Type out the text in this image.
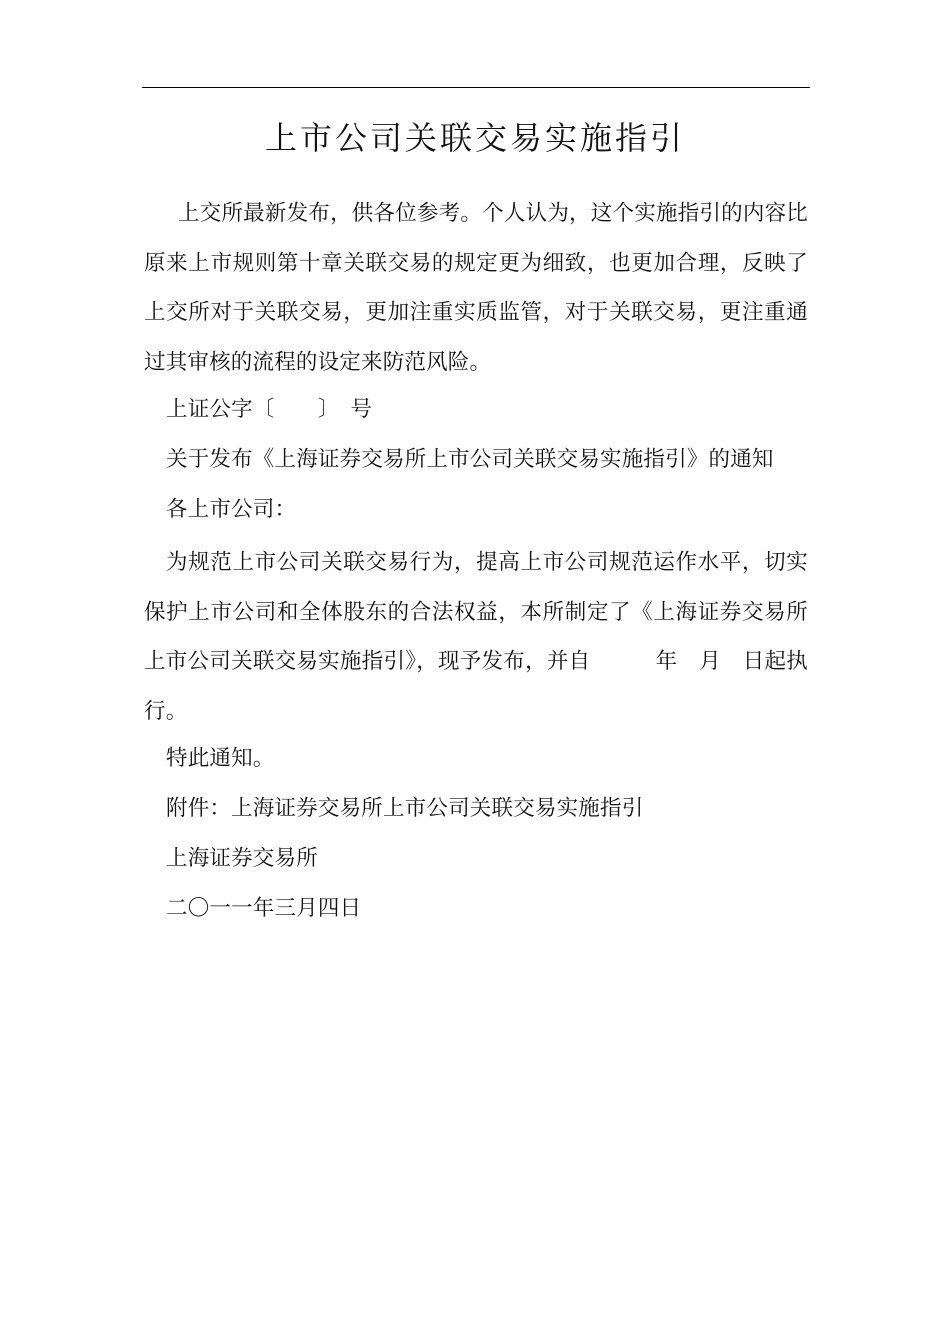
上市公司关联交易实施指引

上交所最新发布，供各位参考。个人认为，这个实施指引的内容比原来上市规则第十章关联交易的规定更为细致，也更加合理，反映了上交所对于关联交易，更加注重实质监管，对于关联交易，更注重通过其审核的流程的设定来防范风险。

上证公字〔　　〕　号

关于发布《上海证券交易所上市公司关联交易实施指引》的通知

各上市公司：

为规范上市公司关联交易行为，提高上市公司规范运作水平，切实保护上市公司和全体股东的合法权益，本所制定了《上海证券交易所上市公司关联交易实施指引》，现予发布，并自　　　年　月　日起执行。

特此通知。

附件：上海证券交易所上市公司关联交易实施指引

上海证券交易所

二〇一一年三月四日
